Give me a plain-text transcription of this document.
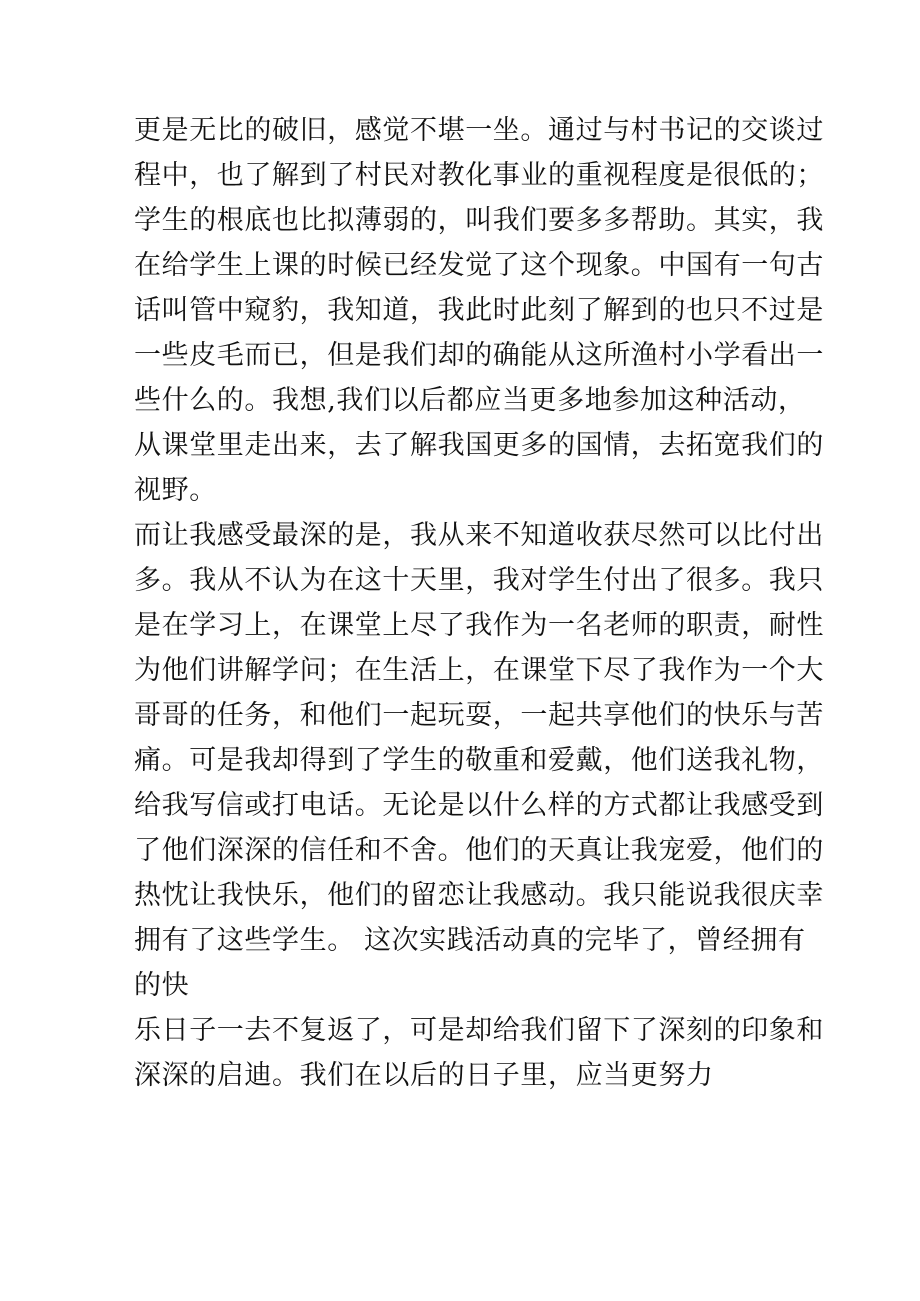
更是无比的破旧，感觉不堪一坐。通过与村书记的交谈过
程中，也了解到了村民对教化事业的重视程度是很低的；
学生的根底也比拟薄弱的，叫我们要多多帮助。其实，我
在给学生上课的时候已经发觉了这个现象。中国有一句古
话叫管中窥豹，我知道，我此时此刻了解到的也只不过是
一些皮毛而已，但是我们却的确能从这所渔村小学看出一
些什么的。我想,我们以后都应当更多地参加这种活动，
从课堂里走出来，去了解我国更多的国情，去拓宽我们的
视野。
而让我感受最深的是，我从来不知道收获尽然可以比付出
多。我从不认为在这十天里，我对学生付出了很多。我只
是在学习上，在课堂上尽了我作为一名老师的职责，耐性
为他们讲解学问；在生活上，在课堂下尽了我作为一个大
哥哥的任务，和他们一起玩耍，一起共享他们的快乐与苦
痛。可是我却得到了学生的敬重和爱戴，他们送我礼物，
给我写信或打电话。无论是以什么样的方式都让我感受到
了他们深深的信任和不舍。他们的天真让我宠爱，他们的
热忱让我快乐，他们的留恋让我感动。我只能说我很庆幸
拥有了这些学生。 这次实践活动真的完毕了，曾经拥有
的快
乐日子一去不复返了，可是却给我们留下了深刻的印象和
深深的启迪。我们在以后的日子里，应当更努力
